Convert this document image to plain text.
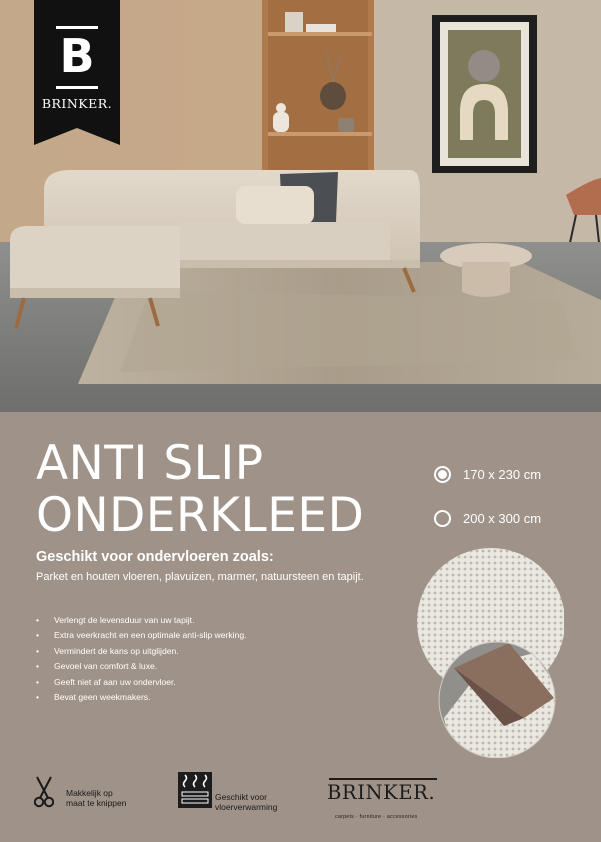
B
BRINKER.
ANTI SLIP
ONDERKLEED
170 x 230 cm
200 x 300 cm
Geschikt voor ondervloeren zoals:
Parket en houten vloeren, plavuizen, marmer, natuursteen en tapijt.
• Verlengt de levensduur van uw tapijt.
• Extra veerkracht en een optimale anti-slip werking.
• Vermindert de kans op uitglijden.
• Gevoel van comfort & luxe.
• Geeft niet af aan uw ondervloer.
• Bevat geen weekmakers.
Makkelijk op
maat te knippen
Geschikt voor
vloerverwarming
BRINKER.
carpets · furniture · accessories
